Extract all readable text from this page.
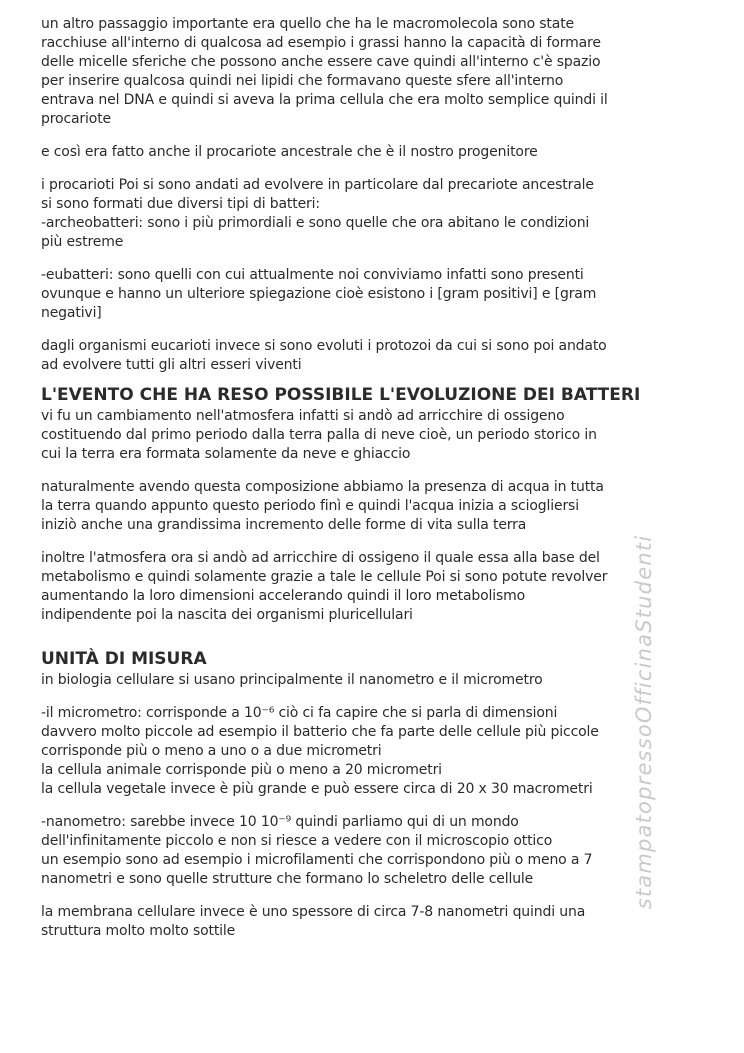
stampatopressoOfficinaStudenti
un altro passaggio importante era quello che ha le macromolecola sono state
racchiuse all'interno di qualcosa ad esempio i grassi hanno la capacità di formare
delle micelle sferiche che possono anche essere cave quindi all'interno c'è spazio
per inserire qualcosa quindi nei lipidi che formavano queste sfere all'interno
entrava nel DNA e quindi si aveva la prima cellula che era molto semplice quindi il
procariote
e così era fatto anche il procariote ancestrale che è il nostro progenitore
i procarioti Poi si sono andati ad evolvere in particolare dal precariote ancestrale
si sono formati due diversi tipi di batteri:
-archeobatteri: sono i più primordiali e sono quelle che ora abitano le condizioni
più estreme
-eubatteri: sono quelli con cui attualmente noi conviviamo infatti sono presenti
ovunque e hanno un ulteriore spiegazione cioè esistono i [gram positivi] e [gram
negativi]
dagli organismi eucarioti invece si sono evoluti i protozoi da cui si sono poi andato
ad evolvere tutti gli altri esseri viventi
L'EVENTO CHE HA RESO POSSIBILE L'EVOLUZIONE DEI BATTERI
vi fu un cambiamento nell'atmosfera infatti si andò ad arricchire di ossigeno
costituendo dal primo periodo dalla terra palla di neve cioè, un periodo storico in
cui la terra era formata solamente da neve e ghiaccio
naturalmente avendo questa composizione abbiamo la presenza di acqua in tutta
la terra quando appunto questo periodo finì e quindi l'acqua inizia a sciogliersi
iniziò anche una grandissima incremento delle forme di vita sulla terra
inoltre l'atmosfera ora si andò ad arricchire di ossigeno il quale essa alla base del
metabolismo e quindi solamente grazie a tale le cellule Poi si sono potute revolver
aumentando la loro dimensioni accelerando quindi il loro metabolismo
indipendente poi la nascita dei organismi pluricellulari
UNITÀ DI MISURA
in biologia cellulare si usano principalmente il nanometro e il micrometro
-il micrometro: corrisponde a 10⁻⁶ ciò ci fa capire che si parla di dimensioni
davvero molto piccole ad esempio il batterio che fa parte delle cellule più piccole
corrisponde più o meno a uno o a due micrometri
la cellula animale corrisponde più o meno a 20 micrometri
la cellula vegetale invece è più grande e può essere circa di 20 x 30 macrometri
-nanometro: sarebbe invece 10 10⁻⁹ quindi parliamo qui di un mondo
dell'infinitamente piccolo e non si riesce a vedere con il microscopio ottico
un esempio sono ad esempio i microfilamenti che corrispondono più o meno a 7
nanometri e sono quelle strutture che formano lo scheletro delle cellule
la membrana cellulare invece è uno spessore di circa 7-8 nanometri quindi una
struttura molto molto sottile
